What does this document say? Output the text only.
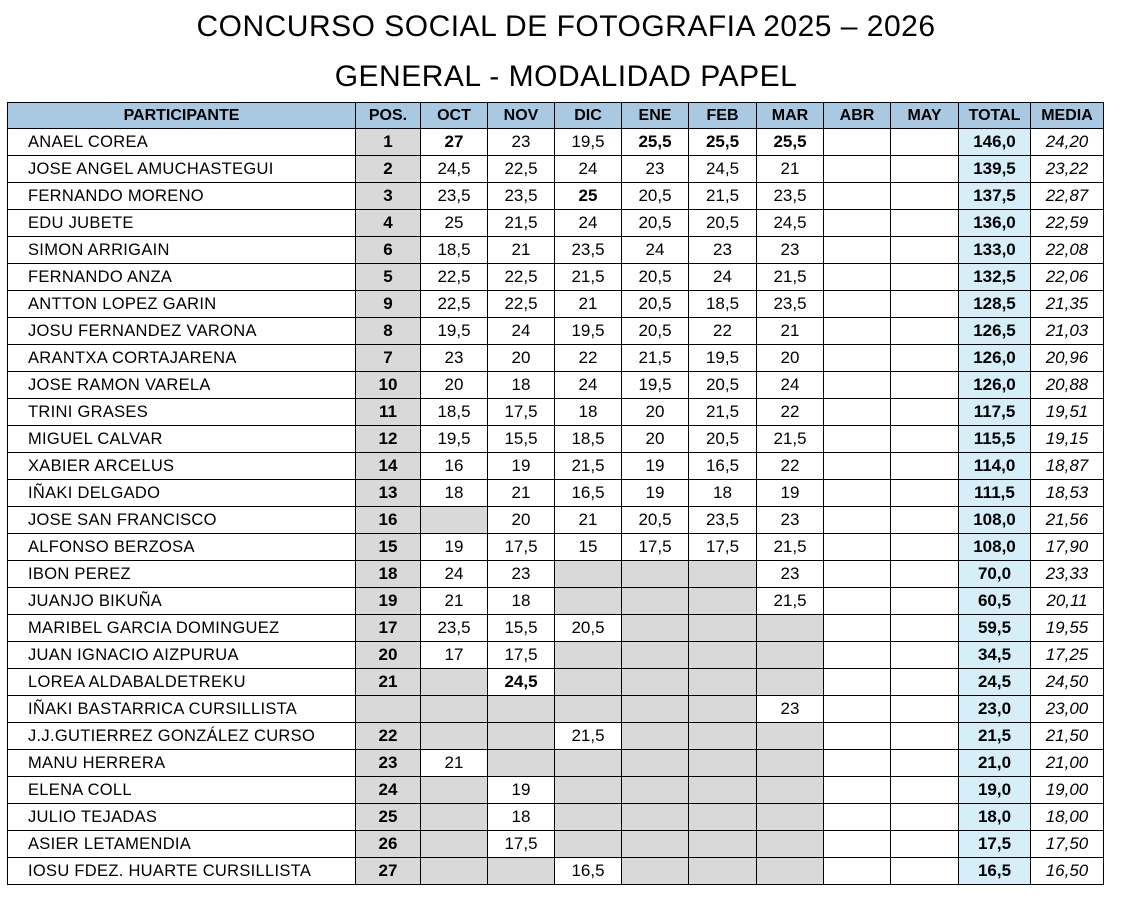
CONCURSO SOCIAL DE FOTOGRAFIA 2025 – 2026
GENERAL - MODALIDAD PAPEL
PARTICIPANTE	POS.	OCT	NOV	DIC	ENE	FEB	MAR	ABR	MAY	TOTAL	MEDIA
ANAEL COREA	1	27	23	19,5	25,5	25,5	25,5			146,0	24,20
JOSE ANGEL AMUCHASTEGUI	2	24,5	22,5	24	23	24,5	21			139,5	23,22
FERNANDO MORENO	3	23,5	23,5	25	20,5	21,5	23,5			137,5	22,87
EDU JUBETE	4	25	21,5	24	20,5	20,5	24,5			136,0	22,59
SIMON ARRIGAIN	6	18,5	21	23,5	24	23	23			133,0	22,08
FERNANDO ANZA	5	22,5	22,5	21,5	20,5	24	21,5			132,5	22,06
ANTTON LOPEZ GARIN	9	22,5	22,5	21	20,5	18,5	23,5			128,5	21,35
JOSU FERNANDEZ VARONA	8	19,5	24	19,5	20,5	22	21			126,5	21,03
ARANTXA CORTAJARENA	7	23	20	22	21,5	19,5	20			126,0	20,96
JOSE RAMON VARELA	10	20	18	24	19,5	20,5	24			126,0	20,88
TRINI GRASES	11	18,5	17,5	18	20	21,5	22			117,5	19,51
MIGUEL CALVAR	12	19,5	15,5	18,5	20	20,5	21,5			115,5	19,15
XABIER ARCELUS	14	16	19	21,5	19	16,5	22			114,0	18,87
IÑAKI DELGADO	13	18	21	16,5	19	18	19			111,5	18,53
JOSE SAN FRANCISCO	16		20	21	20,5	23,5	23			108,0	21,56
ALFONSO BERZOSA	15	19	17,5	15	17,5	17,5	21,5			108,0	17,90
IBON PEREZ	18	24	23				23			70,0	23,33
JUANJO BIKUÑA	19	21	18				21,5			60,5	20,11
MARIBEL GARCIA DOMINGUEZ	17	23,5	15,5	20,5						59,5	19,55
JUAN IGNACIO AIZPURUA	20	17	17,5							34,5	17,25
LOREA ALDABALDETREKU	21		24,5							24,5	24,50
IÑAKI BASTARRICA CURSILLISTA							23			23,0	23,00
J.J.GUTIERREZ GONZÁLEZ CURSO	22			21,5						21,5	21,50
MANU HERRERA	23	21								21,0	21,00
ELENA COLL	24		19							19,0	19,00
JULIO TEJADAS	25		18							18,0	18,00
ASIER LETAMENDIA	26		17,5							17,5	17,50
IOSU FDEZ. HUARTE CURSILLISTA	27			16,5						16,5	16,50
